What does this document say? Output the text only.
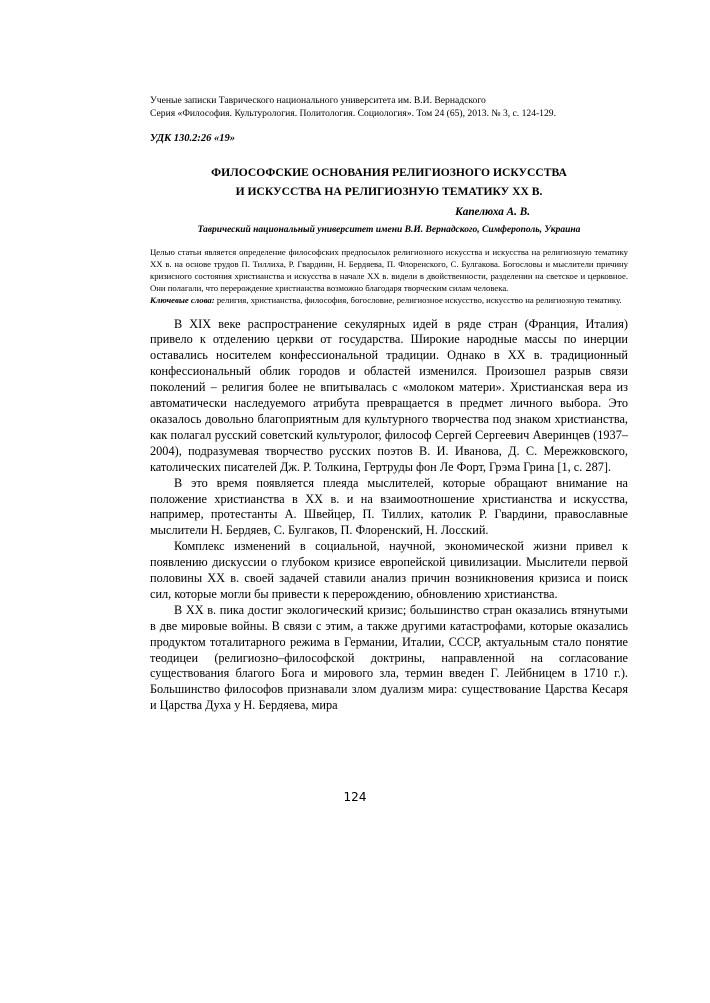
Ученые записки Таврического национального университета им. В.И. Вернадского
Серия «Философия. Культурология. Политология. Социология». Том 24 (65), 2013. № 3, с. 124-129.
УДК 130.2:26 «19»
ФИЛОСОФСКИЕ ОСНОВАНИЯ РЕЛИГИОЗНОГО ИСКУССТВА
И ИСКУССТВА НА РЕЛИГИОЗНУЮ ТЕМАТИКУ XX В.
Капелюха А. В.
Таврический национальный университет имени В.И. Вернадского, Симферополь, Украина
Целью статьи является определение философских предпосылок религиозного искусства и искусства на религиозную тематику XX в. на основе трудов П. Тиллиха, Р. Гвардини, Н. Бердяева, П. Флоренского, С. Булгакова. Богословы и мыслители причину кризисного состояния христианства и искусства в начале XX в. видели в двойственности, разделении на светское и церковное. Они полагали, что перерождение христианства возможно благодаря творческим силам человека.
Ключевые слова: религия, христианства, философия, богословие, религиозное искусство, искусство на религиозную тематику.

В XIX веке распространение секулярных идей в ряде стран (Франция, Италия) привело к отделению церкви от государства. Широкие народные массы по инерции оставались носителем конфессиональной традиции. Однако в XX в. традиционный конфессиональный облик городов и областей изменился. Произошел разрыв связи поколений – религия более не впитывалась с «молоком матери». Христианская вера из автоматически наследуемого атрибута превращается в предмет личного выбора. Это оказалось довольно благоприятным для культурного творчества под знаком христианства, как полагал русский советский культуролог, философ Сергей Сергеевич Аверинцев (1937–2004), подразумевая творчество русских поэтов В. И. Иванова, Д. С. Мережковского, католических писателей Дж. Р. Толкина, Гертруды фон Ле Форт, Грэма Грина [1, с. 287].

В это время появляется плеяда мыслителей, которые обращают внимание на положение христианства в XX в. и на взаимоотношение христианства и искусства, например, протестанты А. Швейцер, П. Тиллих, католик Р. Гвардини, православные мыслители Н. Бердяев, С. Булгаков, П. Флоренский, Н. Лосский.

Комплекс изменений в социальной, научной, экономической жизни привел к появлению дискуссии о глубоком кризисе европейской цивилизации. Мыслители первой половины XX в. своей задачей ставили анализ причин возникновения кризиса и поиск сил, которые могли бы привести к перерождению, обновлению христианства.

В XX в. пика достиг экологический кризис; большинство стран оказались втянутыми в две мировые войны. В связи с этим, а также другими катастрофами, которые оказались продуктом тоталитарного режима в Германии, Италии, СССР, актуальным стало понятие теодицеи (религиозно–философской доктрины, направленной на согласование существования благого Бога и мирового зла, термин введен Г. Лейбницем в 1710 г.). Большинство философов признавали злом дуализм мира: существование Царства Кесаря и Царства Духа у Н. Бердяева, мира

124
